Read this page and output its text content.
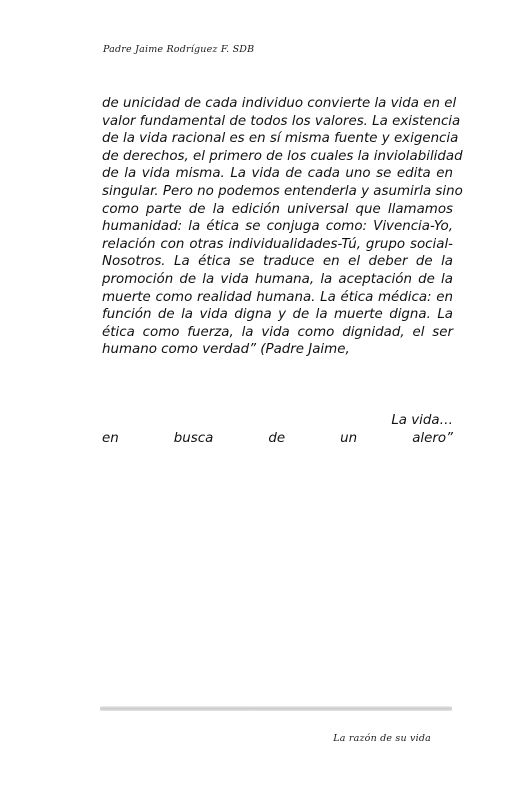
Padre Jaime Rodríguez F. SDB
de unicidad de cada individuo convierte la vida en el
valor fundamental de todos los valores. La existencia
de la vida racional es en sí misma fuente y exigencia
de derechos, el primero de los cuales la inviolabilidad
de la vida misma. La vida de cada uno se edita en
singular. Pero no podemos entenderla y asumirla sino
como parte de la edición universal que llamamos
humanidad: la ética se conjuga como: Vivencia-Yo,
relación con otras individualidades-Tú, grupo social-
Nosotros. La ética se traduce en el deber de la
promoción de la vida humana, la aceptación de la
muerte como realidad humana. La ética médica: en
función de la vida digna y de la muerte digna. La
ética como fuerza, la vida como dignidad, el ser
humano como verdad” (Padre Jaime,
La vida…
en busca de un alero”
La razón de su vida
